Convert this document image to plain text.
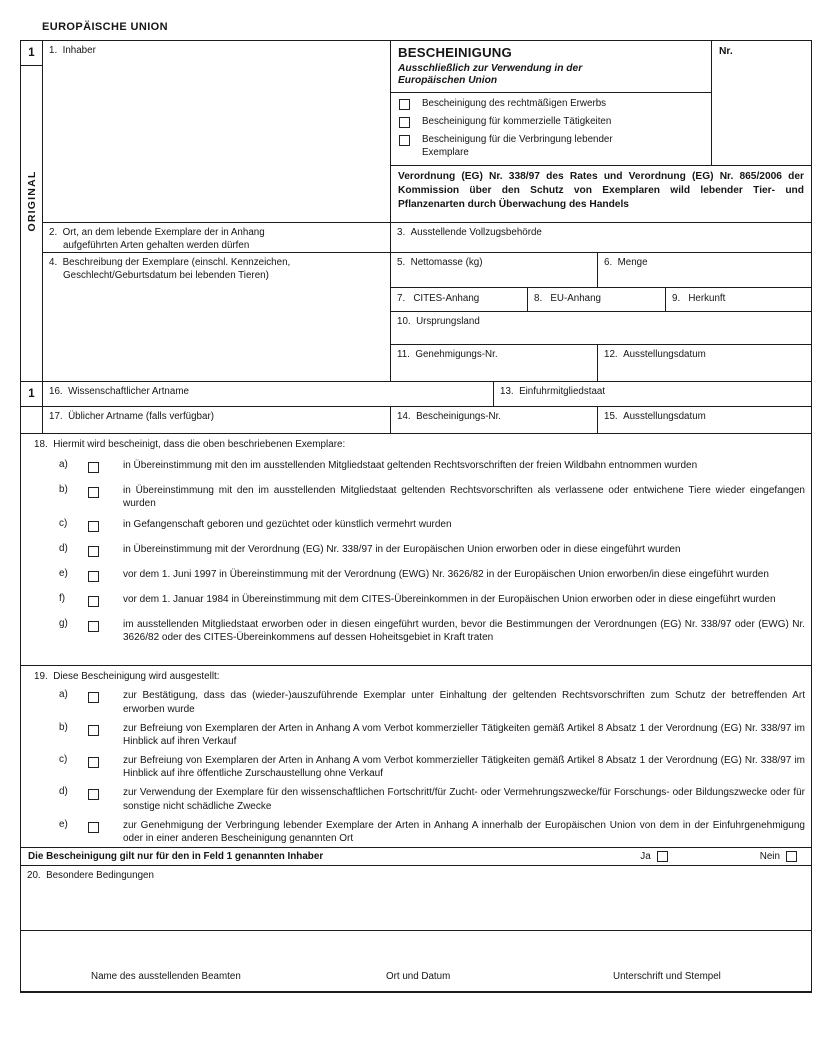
EUROPÄISCHE UNION
1
ORIGINAL
1.  Inhaber
2.  Ort, an dem lebende Exemplare der in Anhang aufgeführten Arten gehalten werden dürfen
4.  Beschreibung der Exemplare (einschl. Kennzeichen, Geschlecht/Geburtsdatum bei lebenden Tieren)
BESCHEINIGUNG
Ausschließlich zur Verwendung in der Europäischen Union
Bescheinigung des rechtmäßigen Erwerbs
Bescheinigung für kommerzielle Tätigkeiten
Bescheinigung für die Verbringung lebender Exemplare
Nr.
Verordnung (EG) Nr. 338/97 des Rates und Verordnung (EG) Nr. 865/2006 der Kommission über den Schutz von Exemplaren wild lebender Tier- und Pflanzenarten durch Überwachung des Handels
3.  Ausstellende Vollzugsbehörde
5.  Nettomasse (kg)	6.  Menge
7.   CITES-Anhang	8.   EU-Anhang	9.   Herkunft
10.  Ursprungsland
11.  Genehmigungs-Nr.	12.  Ausstellungsdatum
1	16.  Wissenschaftlicher Artname	13.  Einfuhrmitgliedstaat
17.  Üblicher Artname (falls verfügbar)	14.  Bescheinigungs-Nr.	15.  Ausstellungsdatum
18.  Hiermit wird bescheinigt, dass die oben beschriebenen Exemplare:
a)	in Übereinstimmung mit den im ausstellenden Mitgliedstaat geltenden Rechtsvorschriften der freien Wildbahn entnommen wurden
b)	in Übereinstimmung mit den im ausstellenden Mitgliedstaat geltenden Rechtsvorschriften als verlassene oder entwichene Tiere wieder eingefangen wurden
c)	in Gefangenschaft geboren und gezüchtet oder künstlich vermehrt wurden
d)	in Übereinstimmung mit der Verordnung (EG) Nr. 338/97 in der Europäischen Union erworben oder in diese eingeführt wurden
e)	vor dem 1. Juni 1997 in Übereinstimmung mit der Verordnung (EWG) Nr. 3626/82 in der Europäischen Union erworben/in diese eingeführt wurden
f)	vor dem 1. Januar 1984 in Übereinstimmung mit dem CITES-Übereinkommen in der Europäischen Union erworben oder in diese eingeführt wurden
g)	im ausstellenden Mitgliedstaat erworben oder in diesen eingeführt wurden, bevor die Bestimmungen der Verordnungen (EG) Nr. 338/97 oder (EWG) Nr. 3626/82 oder des CITES-Übereinkommens auf dessen Hoheitsgebiet in Kraft traten
19.  Diese Bescheinigung wird ausgestellt:
a)	zur Bestätigung, dass das (wieder-)auszuführende Exemplar unter Einhaltung der geltenden Rechtsvorschriften zum Schutz der betreffenden Art erworben wurde
b)	zur Befreiung von Exemplaren der Arten in Anhang A vom Verbot kommerzieller Tätigkeiten gemäß Artikel 8 Absatz 1 der Verordnung (EG) Nr. 338/97 im Hinblick auf ihren Verkauf
c)	zur Befreiung von Exemplaren der Arten in Anhang A vom Verbot kommerzieller Tätigkeiten gemäß Artikel 8 Absatz 1 der Verordnung (EG) Nr. 338/97 im Hinblick auf ihre öffentliche Zurschaustellung ohne Verkauf
d)	zur Verwendung der Exemplare für den wissenschaftlichen Fortschritt/für Zucht- oder Vermehrungszwecke/für Forschungs- oder Bildungszwecke oder für sonstige nicht schädliche Zwecke
e)	zur Genehmigung der Verbringung lebender Exemplare der Arten in Anhang A innerhalb der Europäischen Union von dem in der Einfuhrgenehmigung oder in einer anderen Bescheinigung genannten Ort
Die Bescheinigung gilt nur für den in Feld 1 genannten Inhaber	Ja	Nein
20.  Besondere Bedingungen
Name des ausstellenden Beamten	Ort und Datum	Unterschrift und Stempel
